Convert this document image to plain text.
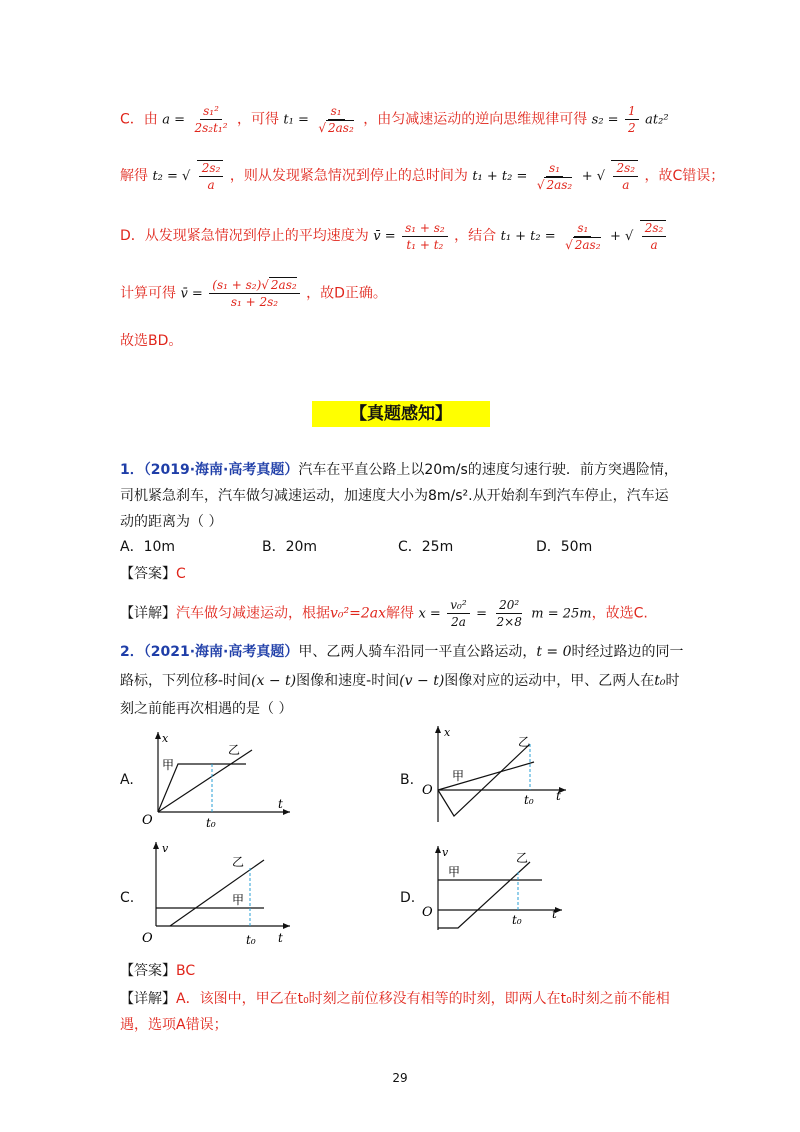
C．由 $a = \frac{\text{s₁²}}{\text{2s₂t₁²}}$ ，可得 $t_1 = \frac{\text{s₁}}{\text{√ 2as₂}}$ ，由匀减速运动的逆向思维规律可得 $s_2 = \frac{1}{2} at_2^2$
解得 t₂ = √ $\frac{\text{2s₂}}{a}$ ，则从发现紧急情况到停止的总时间为 $t_1 + t_2 = \frac{\text{s₁}}{\text{√ 2as₂}}$ + √ $\frac{\text{2s₂}}{a}$ ，故C错误；
D．从发现紧急情况到停止的平均速度为 v̄ = $\frac{\text{s₁ + s₂}}{\text{t₁ + t₂}}$ ，结合 $t_1 + t_2 = \frac{\text{s₁}}{\text{√ 2as₂}}$ + √ $\frac{\text{2s₂}}{a}$
计算可得 v̄ = $\frac{\text{(s₁ + s₂)√ 2as₂}}{\text{s₁ + 2s₂}}$ ，故D正确。
故选BD。
【真题感知】
1．（2019·海南·高考真题）汽车在平直公路上以20m/s的速度匀速行驶．前方突遇险情，
司机紧急刹车，汽车做匀减速运动，加速度大小为8m/s².从开始刹车到汽车停止，汽车运
动的距离为（ ）
A．10m	B．20m	C．25m	D．50m
【答案】C
【详解】汽车做匀减速运动，根据v₀²=2ax解得 $x = \frac{\text{v₀²}}{2a} = \frac{\text{20²}}{2\times 8}$ m = 25m，故选C.
2．（2021·海南·高考真题）甲、乙两人骑车沿同一平直公路运动，t = 0时经过路边的同一
路标，下列位移-时间(x − t)图像和速度-时间(v − t)图像对应的运动中，甲、乙两人在t₀时
刻之前能再次相遇的是（ ）
A.
x
t
O	t₀
甲
乙
B.
x
t
O
t₀
甲
乙
C.
v
t
O	t₀
甲
乙
D.
v
t
O	t₀
甲
乙
【答案】BC
【详解】A．该图中，甲乙在t₀时刻之前位移没有相等的时刻，即两人在t₀时刻之前不能相
遇，选项A错误；
29
